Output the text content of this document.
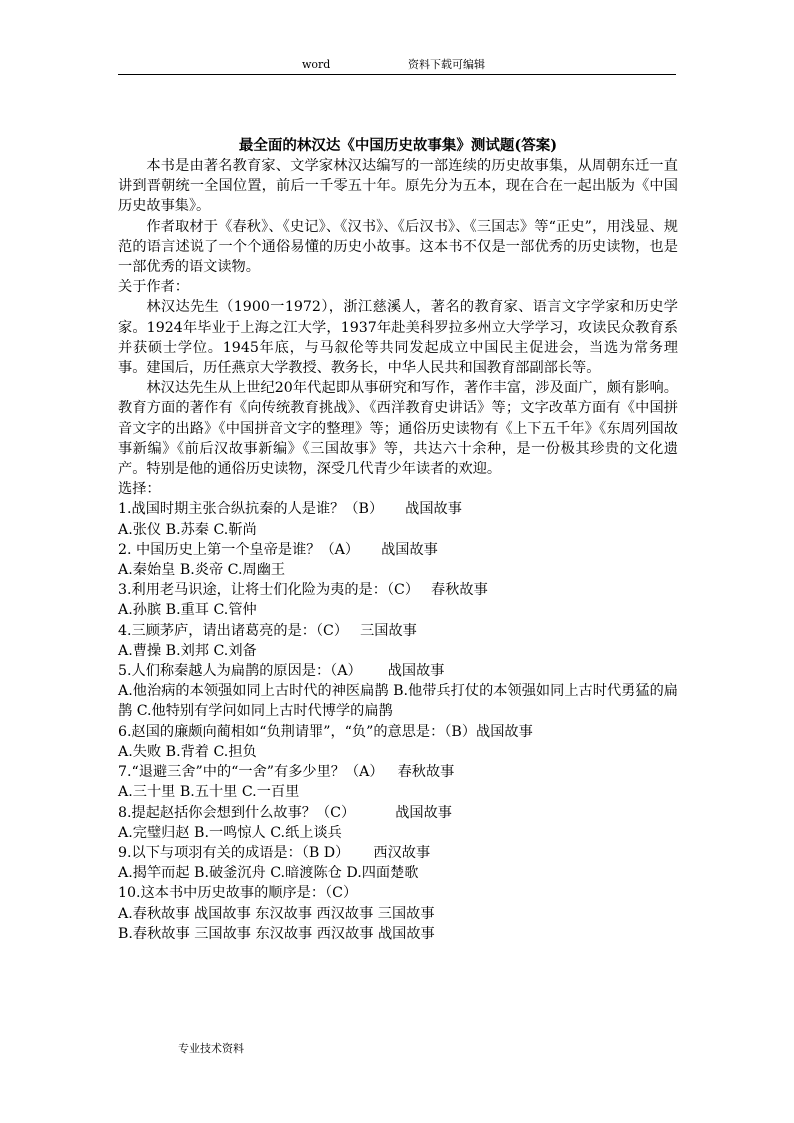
word	资料下载可编辑
最全面的林汉达《中国历史故事集》测试题(答案)

本书是由著名教育家、文学家林汉达编写的一部连续的历史故事集，从周朝东迁一直讲到晋朝统一全国位置，前后一千零五十年。原先分为五本，现在合在一起出版为《中国历史故事集》。

作者取材于《春秋》、《史记》、《汉书》、《后汉书》、《三国志》等“正史”，用浅显、规范的语言述说了一个个通俗易懂的历史小故事。这本书不仅是一部优秀的历史读物，也是一部优秀的语文读物。

关于作者：

林汉达先生（1900一1972），浙江慈溪人，著名的教育家、语言文字学家和历史学家。1924年毕业于上海之江大学，1937年赴美科罗拉多州立大学学习，攻读民众教育系并获硕士学位。1945年底，与马叙伦等共同发起成立中国民主促进会，当选为常务理事。建国后，历任燕京大学教授、教务长，中华人民共和国教育部副部长等。

林汉达先生从上世纪20年代起即从事研究和写作，著作丰富，涉及面广，颇有影响。教育方面的著作有《向传统教育挑战》、《西洋教育史讲话》等；文字改革方面有《中国拼音文字的出路》《中国拼音文字的整理》等；通俗历史读物有《上下五千年》《东周列国故事新编》《前后汉故事新编》《三国故事》等，共达六十余种，是一份极其珍贵的文化遗产。特别是他的通俗历史读物，深受几代青少年读者的欢迎。

选择：

1.战国时期主张合纵抗秦的人是谁？（B） 战国故事

A.张仪 B.苏秦 C.靳尚

2. 中国历史上第一个皇帝是谁？（A） 战国故事

A.秦始皇 B.炎帝 C.周幽王

3.利用老马识途，让将士们化险为夷的是：（C） 春秋故事

A.孙膑 B.重耳 C.管仲

4.三顾茅庐，请出诸葛亮的是：（C） 三国故事

A.曹操 B.刘邦 C.刘备

5.人们称秦越人为扁鹊的原因是：（A） 战国故事

A.他治病的本领强如同上古时代的神医扁鹊 B.他带兵打仗的本领强如同上古时代勇猛的扁鹊 C.他特别有学问如同上古时代博学的扁鹊

6.赵国的廉颇向蔺相如“负荆请罪”，“负”的意思是：（B）战国故事

A.失败 B.背着 C.担负

7.“退避三舍”中的“一舍”有多少里？（A） 春秋故事

A.三十里 B.五十里 C.一百里

8.提起赵括你会想到什么故事？（C）	战国故事

A.完璧归赵 B.一鸣惊人 C.纸上谈兵

9.以下与项羽有关的成语是：（B D） 西汉故事

A.揭竿而起 B.破釜沉舟 C.暗渡陈仓 D.四面楚歌

10.这本书中历史故事的顺序是：（C）

A.春秋故事 战国故事 东汉故事 西汉故事 三国故事

B.春秋故事 三国故事 东汉故事 西汉故事 战国故事

专业技术资料
